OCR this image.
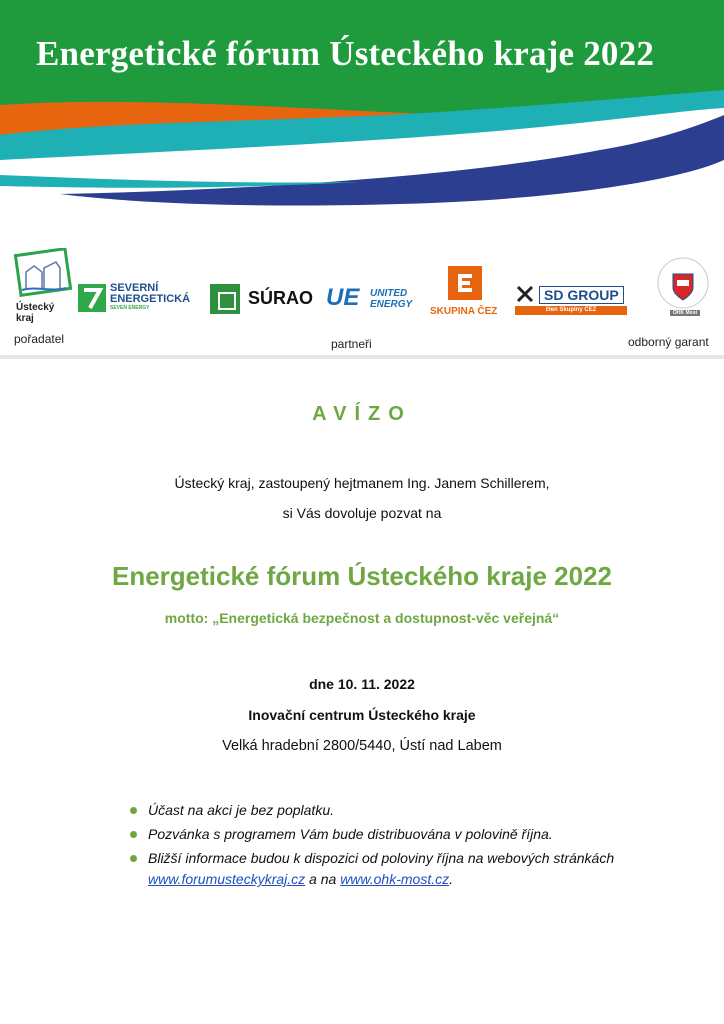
Energetické fórum Ústeckého kraje 2022
Ústecký kraj
SEVERNÍ
ENERGETICKÁ
SEVEN ENERGY	SÚRAO UE UNITED
ENERGY
SKUPINA ČEZ
SD GROUP
člen Skupiny ČEZ	OHK Most
pořadatel	partneři	odborný garant
AVÍZO
Ústecký kraj, zastoupený hejtmanem Ing. Janem Schillerem,
si Vás dovoluje pozvat na
Energetické fórum Ústeckého kraje 2022
motto: „Energetická bezpečnost a dostupnost-věc veřejná“
dne 10. 11. 2022
Inovační centrum Ústeckého kraje
Velká hradební 2800/5440, Ústí nad Labem
Účast na akci je bez poplatku.
Pozvánka s programem Vám bude distribuována v polovině října.
Bližší informace budou k dispozici od poloviny října na webových stránkách www.forumusteckykraj.cz a na www.ohk-most.cz.
